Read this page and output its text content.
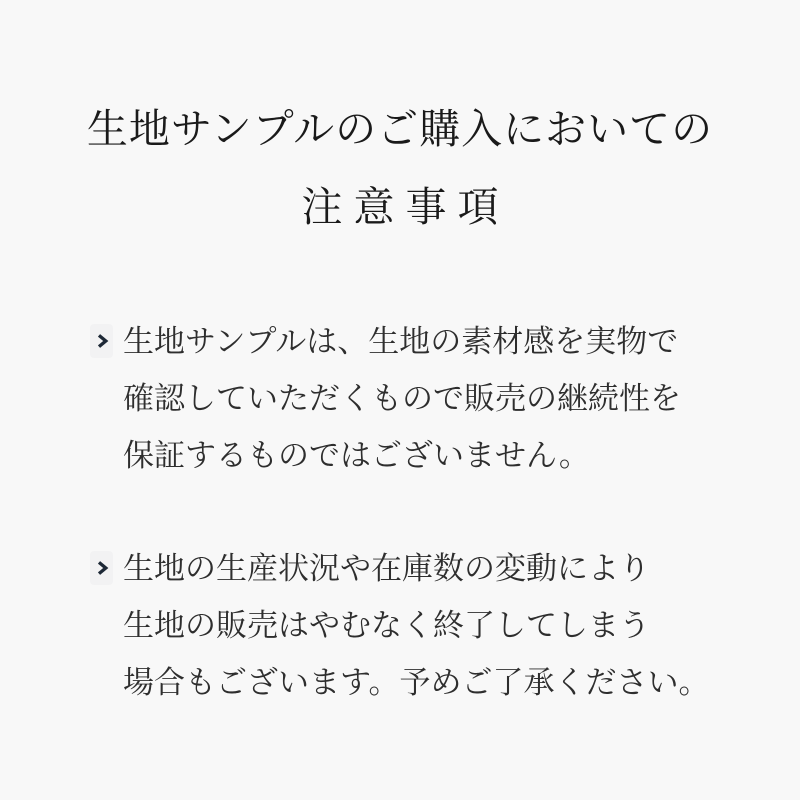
生地サンプルのご購入においての
注意事項
生地サンプルは、生地の素材感を実物で
確認していただくもので販売の継続性を
保証するものではございません。
生地の生産状況や在庫数の変動により
生地の販売はやむなく終了してしまう
場合もございます。予めご了承ください。
